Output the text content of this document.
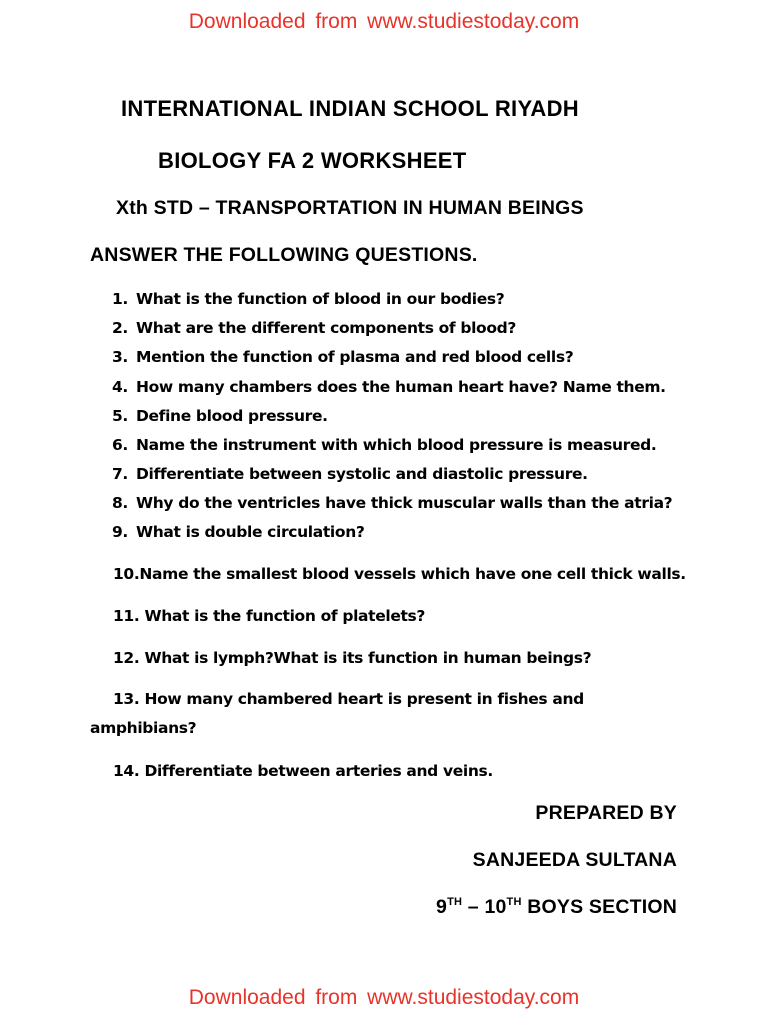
Downloaded from www.studiestoday.com
INTERNATIONAL INDIAN SCHOOL RIYADH
BIOLOGY FA 2 WORKSHEET
Xth STD – TRANSPORTATION IN HUMAN BEINGS
ANSWER THE FOLLOWING QUESTIONS.
1. What is the function of blood in our bodies?
2. What are the different components of blood?
3. Mention the function of plasma and red blood cells?
4. How many chambers does the human heart have? Name them.
5. Define blood pressure.
6. Name the instrument with which blood pressure is measured.
7. Differentiate between systolic and diastolic pressure.
8. Why do the ventricles have thick muscular walls than the atria?
9. What is double circulation?
10.Name the smallest blood vessels which have one cell thick walls.
11. What is the function of platelets?
12. What is lymph?What is its function in human beings?
13. How many chambered heart is present in fishes and
amphibians?
14. Differentiate between arteries and veins.
PREPARED BY
SANJEEDA SULTANA
9TH – 10TH BOYS SECTION
Downloaded from www.studiestoday.com
